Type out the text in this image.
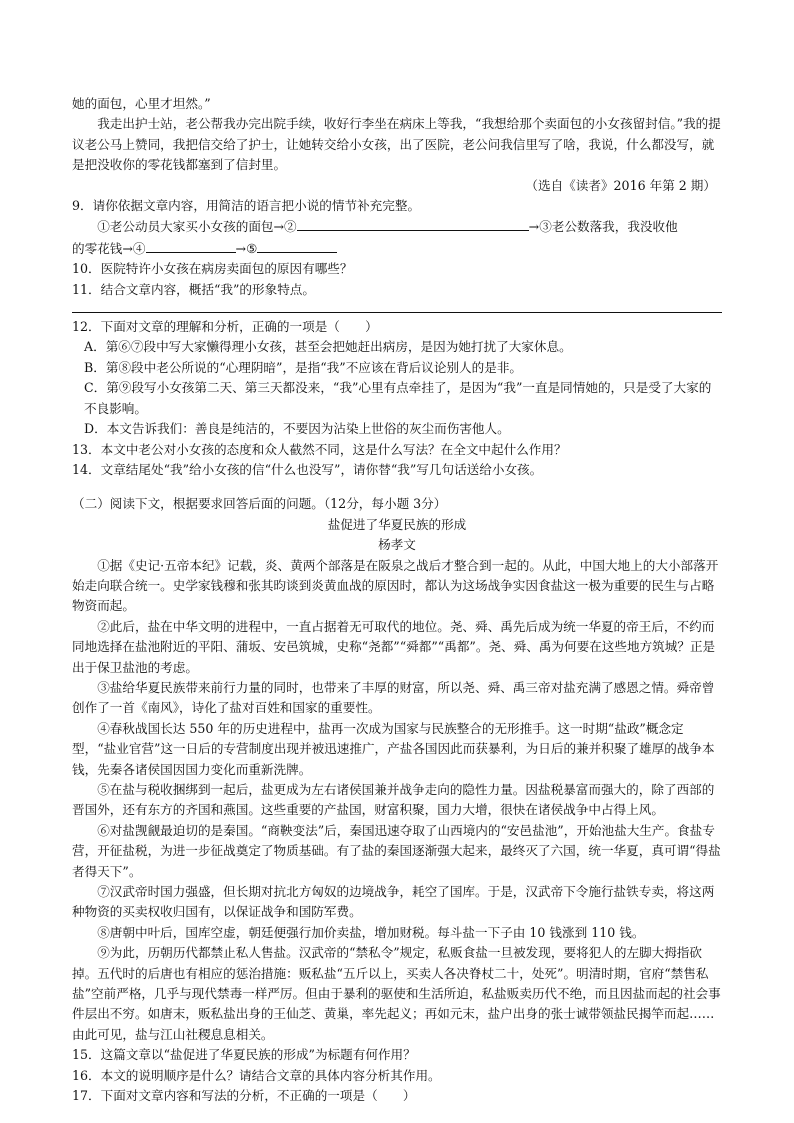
她的面包，心里才坦然。”

我走出护士站，老公帮我办完出院手续，收好行李坐在病床上等我，“我想给那个卖面包的小女孩留封信。”我的提议老公马上赞同，我把信交给了护士，让她转交给小女孩，出了医院，老公问我信里写了啥，我说，什么都没写，就是把没收你的零花钱都塞到了信封里。

（选自《读者》2016 年第 2 期）

9．请你依据文章内容，用简洁的语言把小说的情节补充完整。

①老公动员大家买小女孩的面包→②	→③老公数落我，我没收他

的零花钱→④	→⑤

10．医院特许小女孩在病房卖面包的原因有哪些？

11．结合文章内容，概括“我”的形象特点。

12．下面对文章的理解和分析，正确的一项是（　　）

A．第⑥⑦段中写大家懒得理小女孩，甚至会把她赶出病房，是因为她打扰了大家休息。

B．第⑧段中老公所说的“心理阴暗”，是指“我”不应该在背后议论别人的是非。

C．第⑨段写小女孩第二天、第三天都没来，“我”心里有点牵挂了，是因为“我”一直是同情她的，只是受了大家的不良影响。

D．本文告诉我们：善良是纯洁的，不要因为沾染上世俗的灰尘而伤害他人。

13．本文中老公对小女孩的态度和众人截然不同，这是什么写法？在全文中起什么作用？

14．文章结尾处“我”给小女孩的信“什么也没写”，请你替“我”写几句话送给小女孩。

（二）阅读下文，根据要求回答后面的问题。（12分，每小题 3分）

盐促进了华夏民族的形成

杨孝文

①据《史记·五帝本纪》记载，炎、黄两个部落是在阪泉之战后才整合到一起的。从此，中国大地上的大小部落开始走向联合统一。史学家钱穆和张其昀谈到炎黄血战的原因时，都认为这场战争实因食盐这一极为重要的民生与占略物资而起。

②此后，盐在中华文明的进程中，一直占据着无可取代的地位。尧、舜、禹先后成为统一华夏的帝王后，不约而同地选择在盐池附近的平阳、蒲坂、安邑筑城，史称“尧都”“舜都”“禹都”。尧、舜、禹为何要在这些地方筑城？正是出于保卫盐池的考虑。

③盐给华夏民族带来前行力量的同时，也带来了丰厚的财富，所以尧、舜、禹三帝对盐充满了感恩之情。舜帝曾创作了一首《南风》，诗化了盐对百姓和国家的重要性。

④春秋战国长达 550 年的历史进程中，盐再一次成为国家与民族整合的无形推手。这一时期“盐政”概念定型，“盐业官营”这一日后的专营制度出现并被迅速推广，产盐各国因此而获暴利，为日后的兼并积聚了雄厚的战争本钱，先秦各诸侯国因国力变化而重新洗牌。

⑤在盐与税收捆绑到一起后，盐更成为左右诸侯国兼并战争走向的隐性力量。因盐税暴富而强大的，除了西部的晋国外，还有东方的齐国和燕国。这些重要的产盐国，财富积聚，国力大增，很快在诸侯战争中占得上风。

⑥对盐觊觎最迫切的是秦国。“商鞅变法”后，秦国迅速夺取了山西境内的“安邑盐池”，开始池盐大生产。食盐专营，开征盐税，为进一步征战奠定了物质基础。有了盐的秦国逐渐强大起来，最终灭了六国，统一华夏，真可谓“得盐者得天下”。

⑦汉武帝时国力强盛，但长期对抗北方匈奴的边境战争，耗空了国库。于是，汉武帝下令施行盐铁专卖，将这两种物资的买卖权收归国有，以保证战争和国防军费。

⑧唐朝中叶后，国库空虚，朝廷便强行加价卖盐，增加财税。每斗盐一下子由 10 钱涨到 110 钱。

⑨为此，历朝历代都禁止私人售盐。汉武帝的“禁私令”规定，私贩食盐一旦被发现，要将犯人的左脚大拇指砍掉。五代时的后唐也有相应的惩治措施：贩私盐“五斤以上，买卖人各决脊杖二十，处死”。明清时期，官府“禁售私盐”空前严格，几乎与现代禁毒一样严厉。但由于暴利的驱使和生活所迫，私盐贩卖历代不绝，而且因盐而起的社会事件层出不穷。如唐末，贩私盐出身的王仙芝、黄巢，率先起义；再如元末，盐户出身的张士诚带领盐民揭竿而起……由此可见，盐与江山社稷息息相关。

15．这篇文章以“盐促进了华夏民族的形成”为标题有何作用？

16．本文的说明顺序是什么？请结合文章的具体内容分析其作用。

17．下面对文章内容和写法的分析，不正确的一项是（　　）
